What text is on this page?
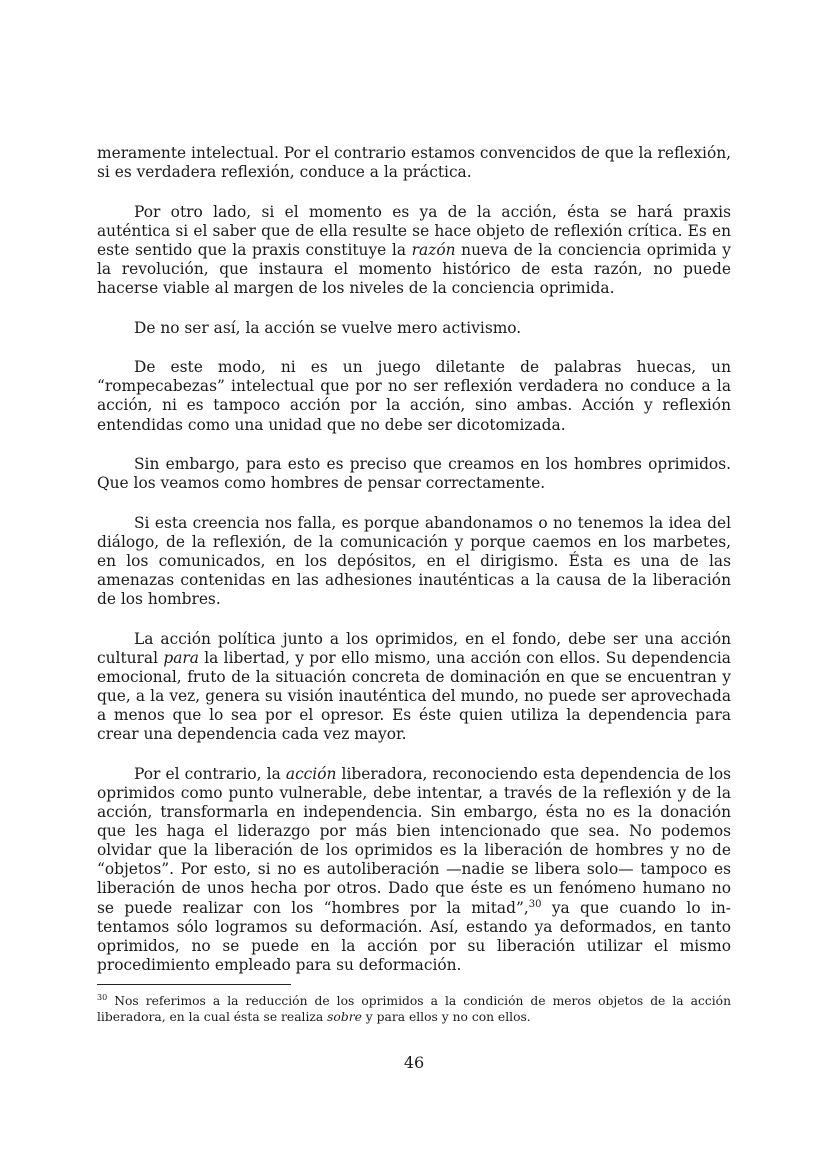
meramente intelectual. Por el contrario estamos convencidos de que la reflexión, si es verdadera reflexión, conduce a la práctica.

Por otro lado, si el momento es ya de la acción, ésta se hará praxis auténtica si el saber que de ella resulte se hace objeto de reflexión crítica. Es en este sentido que la praxis constituye la razón nueva de la conciencia oprimida y la revolución, que instaura el momento histórico de esta razón, no puede hacerse viable al margen de los niveles de la conciencia oprimida.

De no ser así, la acción se vuelve mero activismo.

De este modo, ni es un juego diletante de palabras huecas, un “rompecabezas” intelectual que por no ser reflexión verdadera no conduce a la acción, ni es tampoco acción por la acción, sino ambas. Acción y reflexión entendidas como una unidad que no debe ser dicotomizada.

Sin embargo, para esto es preciso que creamos en los hombres oprimidos. Que los veamos como hombres de pensar correctamente.

Si esta creencia nos falla, es porque abandonamos o no tenemos la idea del diálogo, de la reflexión, de la comunicación y porque caemos en los marbetes, en los comunicados, en los depósitos, en el dirigismo. Ésta es una de las amenazas contenidas en las adhesiones inauténticas a la causa de la liberación de los hombres.

La acción política junto a los oprimidos, en el fondo, debe ser una acción cultural para la libertad, y por ello mismo, una acción con ellos. Su dependencia emocional, fruto de la situación concreta de dominación en que se encuentran y que, a la vez, genera su visión inauténtica del mundo, no puede ser aprovechada a menos que lo sea por el opresor. Es éste quien utiliza la dependencia para crear una dependencia cada vez mayor.

Por el contrario, la acción liberadora, reconociendo esta dependencia de los oprimidos como punto vulnerable, debe intentar, a través de la reflexión y de la acción, transformarla en independencia. Sin embargo, ésta no es la donación que les haga el liderazgo por más bien intencionado que sea. No podemos olvidar que la liberación de los oprimidos es la liberación de hombres y no de “objetos”. Por esto, si no es autoliberación —nadie se libera solo— tampoco es liberación de unos hecha por otros. Dado que éste es un fenómeno humano no se puede realizar con los “hombres por la mitad”,$^{30}$ ya que cuando lo in-tentamos sólo logramos su deformación. Así, estando ya deformados, en tanto oprimidos, no se puede en la acción por su liberación utilizar el mismo procedimiento empleado para su deformación.

$^{30}$ Nos referimos a la reducción de los oprimidos a la condición de meros objetos de la acción liberadora, en la cual ésta se realiza sobre y para ellos y no con ellos.

46
